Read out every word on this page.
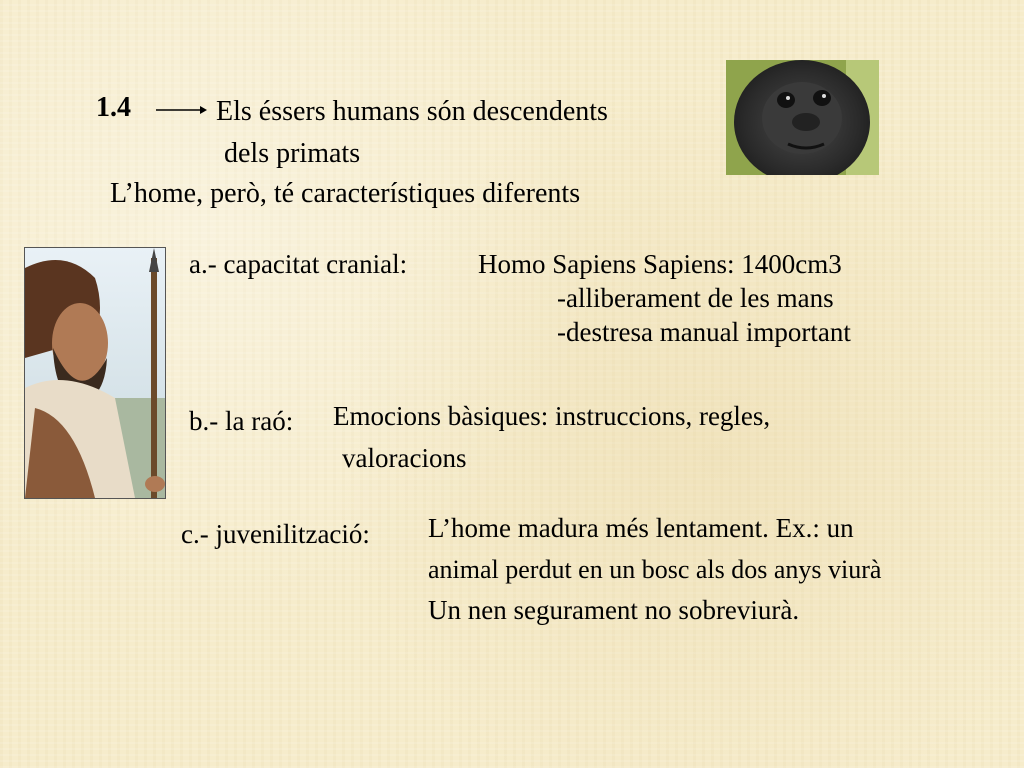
1.4	Els éssers humans són descendents
dels primats
L’home, però, té característiques diferents
a.- capacitat cranial:	Homo Sapiens Sapiens: 1400cm3
-alliberament de les mans
-destresa manual important
b.- la raó: Emocions bàsiques: instruccions, regles,
valoracions
c.- juvenilització: L’home madura més lentament. Ex.: un
animal perdut en un bosc als dos anys viurà
Un nen segurament no sobreviurà.
